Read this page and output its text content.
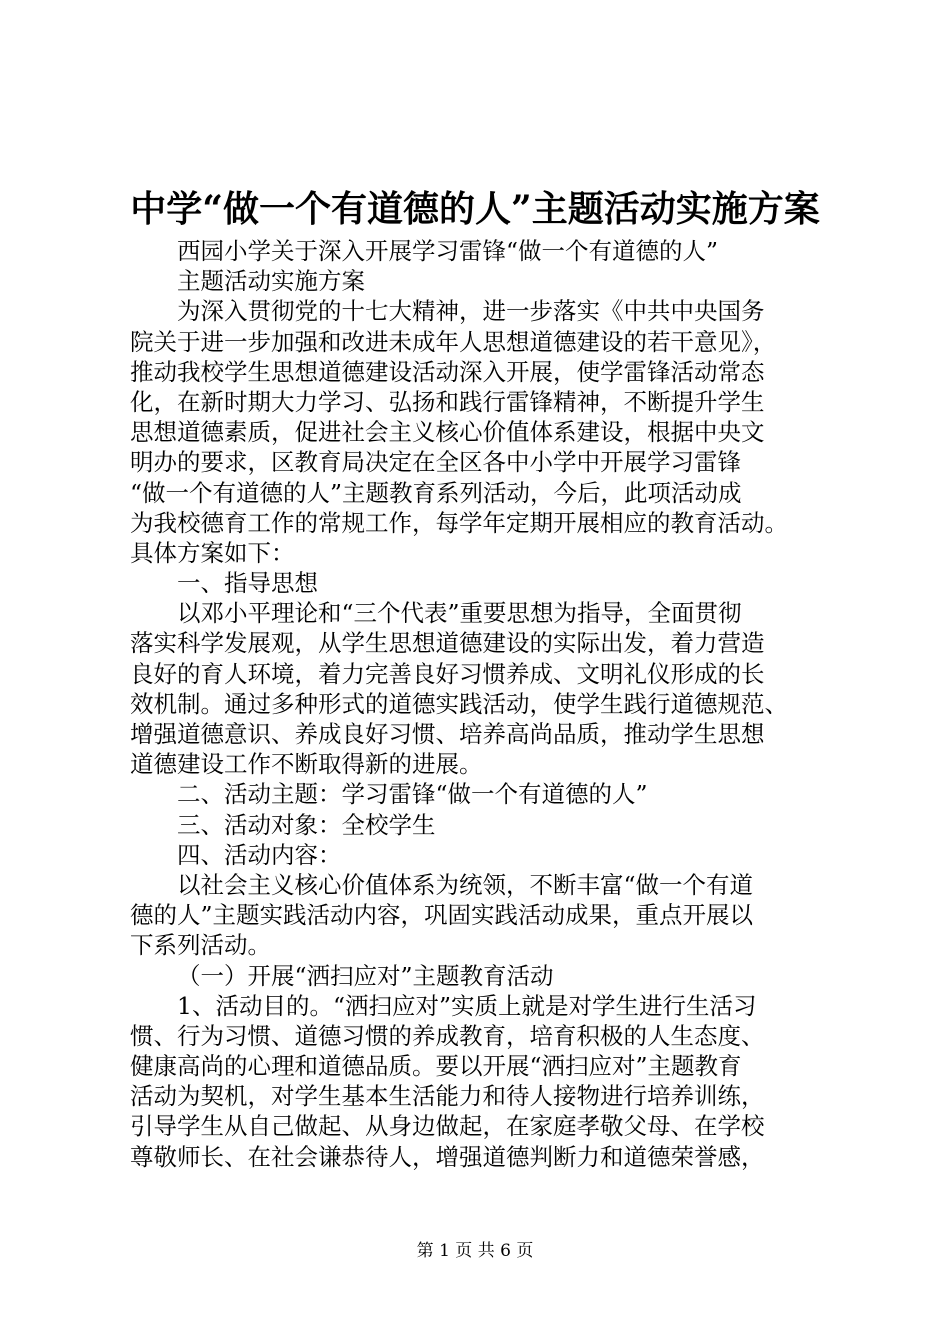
中学“做一个有道德的人”主题活动实施方案
西园小学关于深入开展学习雷锋“做一个有道德的人”
主题活动实施方案
为深入贯彻党的十七大精神，进一步落实《中共中央国务
院关于进一步加强和改进未成年人思想道德建设的若干意见》，
推动我校学生思想道德建设活动深入开展，使学雷锋活动常态
化，在新时期大力学习、弘扬和践行雷锋精神，不断提升学生
思想道德素质，促进社会主义核心价值体系建设，根据中央文
明办的要求，区教育局决定在全区各中小学中开展学习雷锋
“做一个有道德的人”主题教育系列活动，今后，此项活动成
为我校德育工作的常规工作，每学年定期开展相应的教育活动。
具体方案如下：
一、指导思想
以邓小平理论和“三个代表”重要思想为指导，全面贯彻
落实科学发展观，从学生思想道德建设的实际出发，着力营造
良好的育人环境，着力完善良好习惯养成、文明礼仪形成的长
效机制。通过多种形式的道德实践活动，使学生践行道德规范、
增强道德意识、养成良好习惯、培养高尚品质，推动学生思想
道德建设工作不断取得新的进展。
二、活动主题：学习雷锋“做一个有道德的人”
三、活动对象：全校学生
四、活动内容：
以社会主义核心价值体系为统领，不断丰富“做一个有道
德的人”主题实践活动内容，巩固实践活动成果，重点开展以
下系列活动。
（一）开展“洒扫应对”主题教育活动
1、活动目的。“洒扫应对”实质上就是对学生进行生活习
惯、行为习惯、道德习惯的养成教育，培育积极的人生态度、
健康高尚的心理和道德品质。要以开展“洒扫应对”主题教育
活动为契机，对学生基本生活能力和待人接物进行培养训练，
引导学生从自己做起、从身边做起，在家庭孝敬父母、在学校
尊敬师长、在社会谦恭待人，增强道德判断力和道德荣誉感，
第 1 页 共 6 页
